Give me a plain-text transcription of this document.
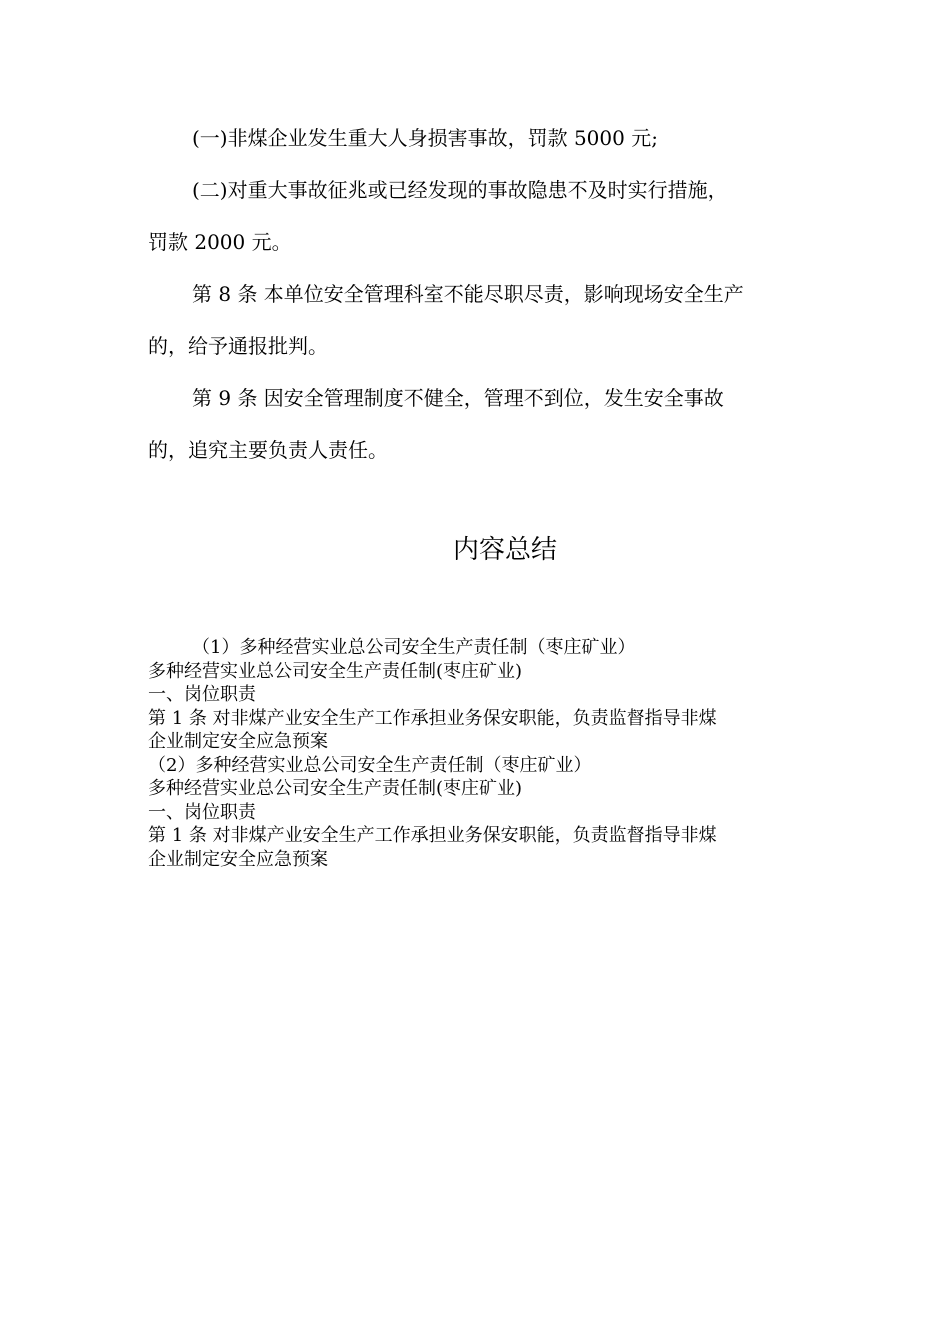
(一)非煤企业发生重大人身损害事故，罚款 5000 元;

(二)对重大事故征兆或已经发现的事故隐患不及时实行措施，

罚款 2000 元。

第 8 条 本单位安全管理科室不能尽职尽责，影响现场安全生产

的，给予通报批判。

第 9 条 因安全管理制度不健全，管理不到位，发生安全事故

的，追究主要负责人责任。

内容总结

（1）多种经营实业总公司安全生产责任制（枣庄矿业）

多种经营实业总公司安全生产责任制(枣庄矿业)

一、岗位职责

第 1 条 对非煤产业安全生产工作承担业务保安职能，负责监督指导非煤

企业制定安全应急预案

（2）多种经营实业总公司安全生产责任制（枣庄矿业）

多种经营实业总公司安全生产责任制(枣庄矿业)

一、岗位职责

第 1 条 对非煤产业安全生产工作承担业务保安职能，负责监督指导非煤

企业制定安全应急预案
